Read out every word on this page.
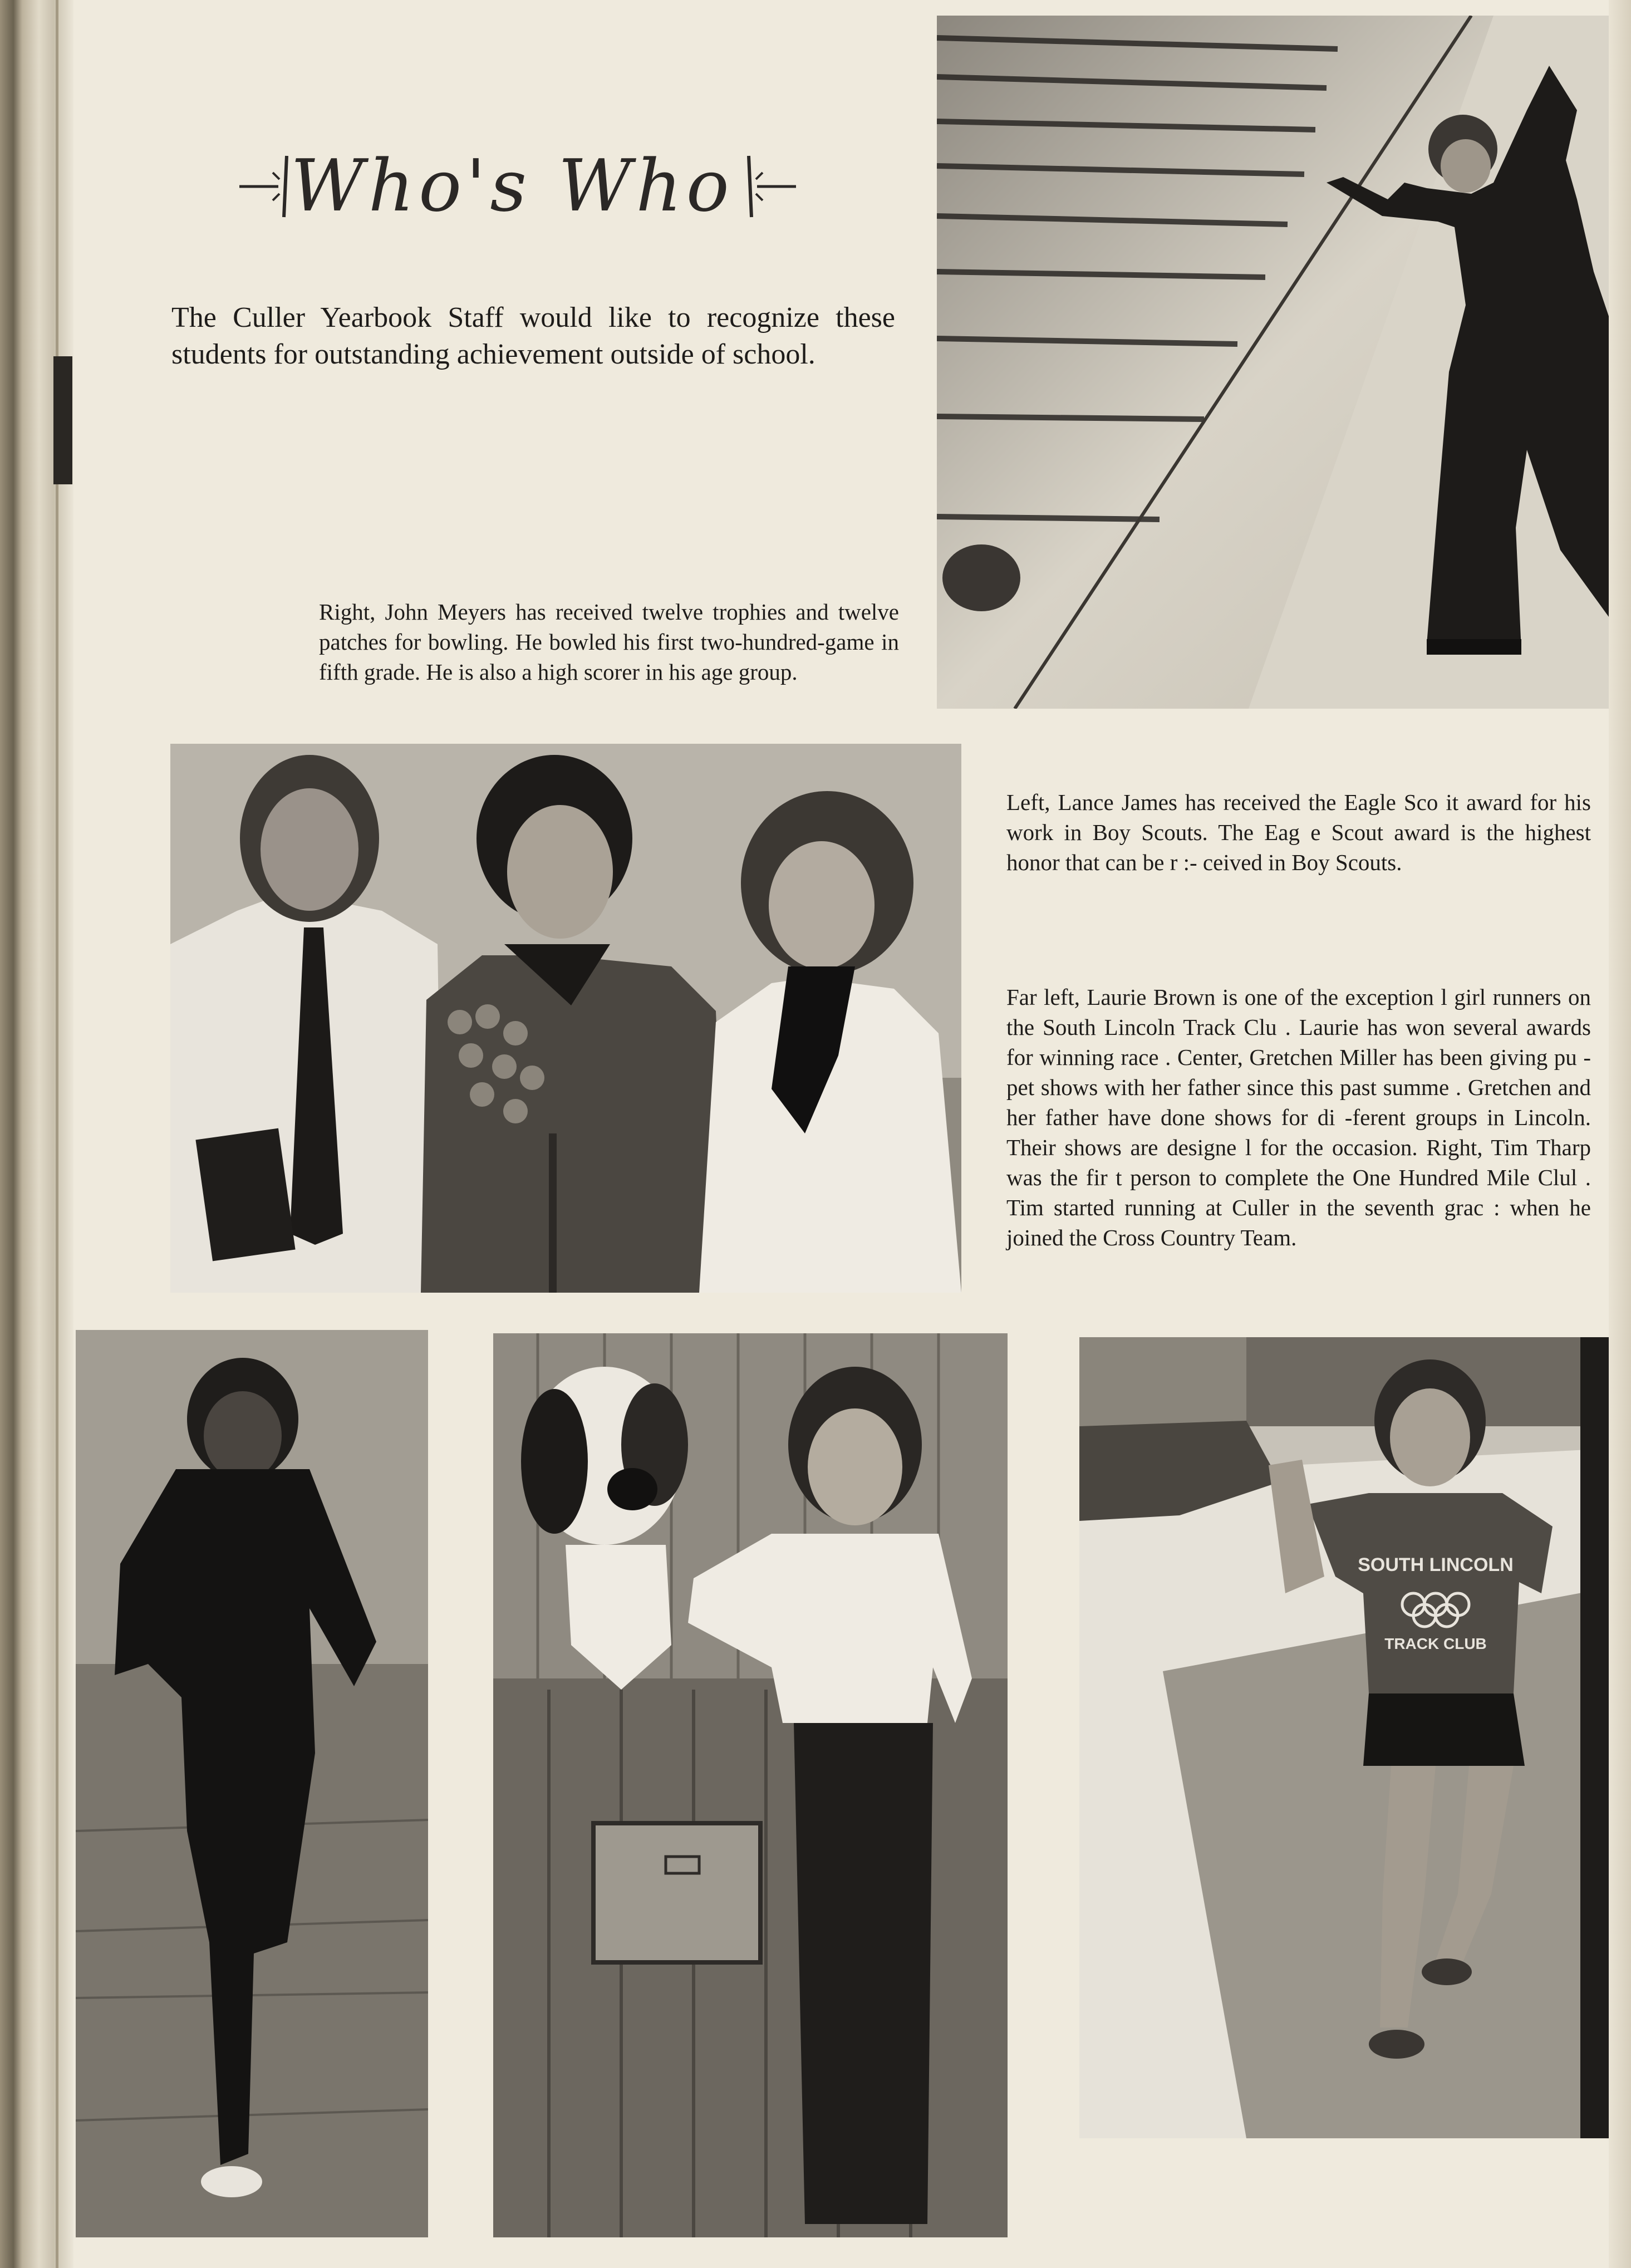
Who's Who
The Culler Yearbook Staff would like to recognize these students for outstanding achievement outside of school.
Right, John Meyers has received twelve trophies and twelve patches for bowling. He bowled his first two-hundred-game in fifth grade. He is also a high scorer in his age group.
Left, Lance James has received the Eagle Sco it award for his work in Boy Scouts. The Eag e Scout award is the highest honor that can be r :- ceived in Boy Scouts.
Far left, Laurie Brown is one of the exception l girl runners on the South Lincoln Track Clu . Laurie has won several awards for winning race . Center, Gretchen Miller has been giving pu -pet shows with her father since this past summe . Gretchen and her father have done shows for di -ferent groups in Lincoln. Their shows are designe l for the occasion. Right, Tim Tharp was the fir t person to complete the One Hundred Mile Clul . Tim started running at Culler in the seventh grac : when he joined the Cross Country Team.
SOUTH LINCOLN
TRACK CLUB
